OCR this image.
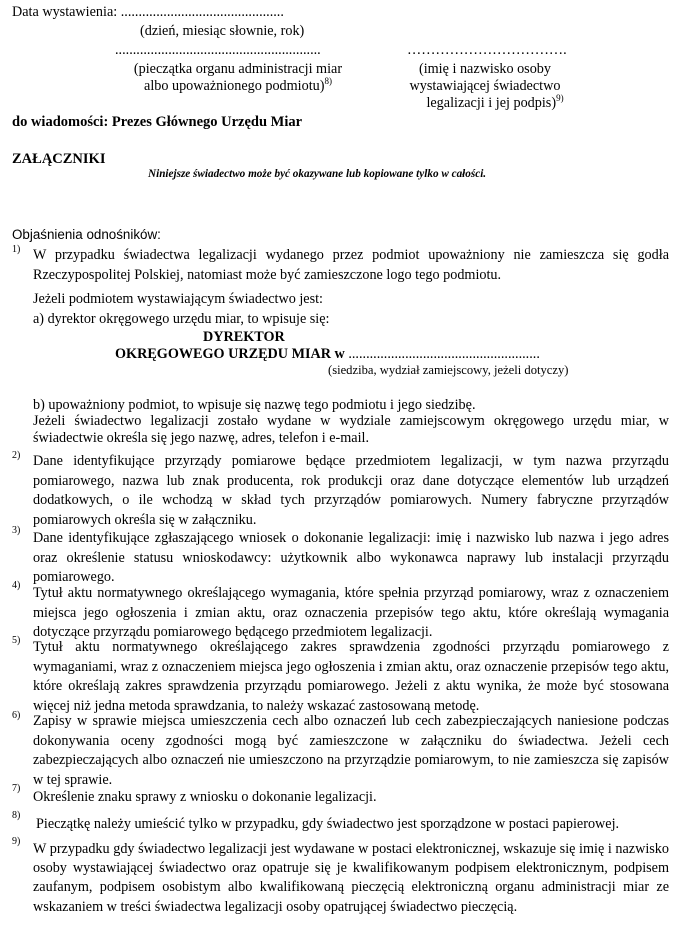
Data wystawienia: ..............................................
(dzień, miesiąc słownie, rok)
..........................................................
(pieczątka organu administracji miar
albo upoważnionego podmiotu)$^{8)}$
…………………………….
(imię i nazwisko osoby
wystawiającej świadectwo
legalizacji i jej podpis)$^{9)}$
do wiadomości: Prezes Głównego Urzędu Miar
ZAŁĄCZNIKI
Niniejsze świadectwo może być okazywane lub kopiowane tylko w całości.
Objaśnienia odnośników:
1) W przypadku świadectwa legalizacji wydanego przez podmiot upoważniony nie zamieszcza się godła Rzeczypospolitej Polskiej, natomiast może być zamieszczone logo tego podmiotu.
Jeżeli podmiotem wystawiającym świadectwo jest:
a) dyrektor okręgowego urzędu miar, to wpisuje się:
DYREKTOR
OKRĘGOWEGO URZĘDU MIAR w ......................................................
(siedziba, wydział zamiejscowy, jeżeli dotyczy)
b) upoważniony podmiot, to wpisuje się nazwę tego podmiotu i jego siedzibę.
Jeżeli świadectwo legalizacji zostało wydane w wydziale zamiejscowym okręgowego urzędu miar, w świadectwie określa się jego nazwę, adres, telefon i e-mail.
2) Dane identyfikujące przyrządy pomiarowe będące przedmiotem legalizacji, w tym nazwa przyrządu pomiarowego, nazwa lub znak producenta, rok produkcji oraz dane dotyczące elementów lub urządzeń dodatkowych, o ile wchodzą w skład tych przyrządów pomiarowych. Numery fabryczne przyrządów pomiarowych określa się w załączniku.
3) Dane identyfikujące zgłaszającego wniosek o dokonanie legalizacji: imię i nazwisko lub nazwa i jego adres oraz określenie statusu wnioskodawcy: użytkownik albo wykonawca naprawy lub instalacji przyrządu pomiarowego.
4) Tytuł aktu normatywnego określającego wymagania, które spełnia przyrząd pomiarowy, wraz z oznaczeniem miejsca jego ogłoszenia i zmian aktu, oraz oznaczenia przepisów tego aktu, które określają wymagania dotyczące przyrządu pomiarowego będącego przedmiotem legalizacji.
5) Tytuł aktu normatywnego określającego zakres sprawdzenia zgodności przyrządu pomiarowego z wymaganiami, wraz z oznaczeniem miejsca jego ogłoszenia i zmian aktu, oraz oznaczenie przepisów tego aktu, które określają zakres sprawdzenia przyrządu pomiarowego. Jeżeli z aktu wynika, że może być stosowana więcej niż jedna metoda sprawdzania, to należy wskazać zastosowaną metodę.
6) Zapisy w sprawie miejsca umieszczenia cech albo oznaczeń lub cech zabezpieczających naniesione podczas dokonywania oceny zgodności mogą być zamieszczone w załączniku do świadectwa. Jeżeli cech zabezpieczających albo oznaczeń nie umieszczono na przyrządzie pomiarowym, to nie zamieszcza się zapisów w tej sprawie.
7)
Określenie znaku sprawy z wniosku o dokonanie legalizacji.
8)
Pieczątkę należy umieścić tylko w przypadku, gdy świadectwo jest sporządzone w postaci papierowej.
9) W przypadku gdy świadectwo legalizacji jest wydawane w postaci elektronicznej, wskazuje się imię i nazwisko osoby wystawiającej świadectwo oraz opatruje się je kwalifikowanym podpisem elektronicznym, podpisem zaufanym, podpisem osobistym albo kwalifikowaną pieczęcią elektroniczną organu administracji miar ze wskazaniem w treści świadectwa legalizacji osoby opatrującej świadectwo pieczęcią.
